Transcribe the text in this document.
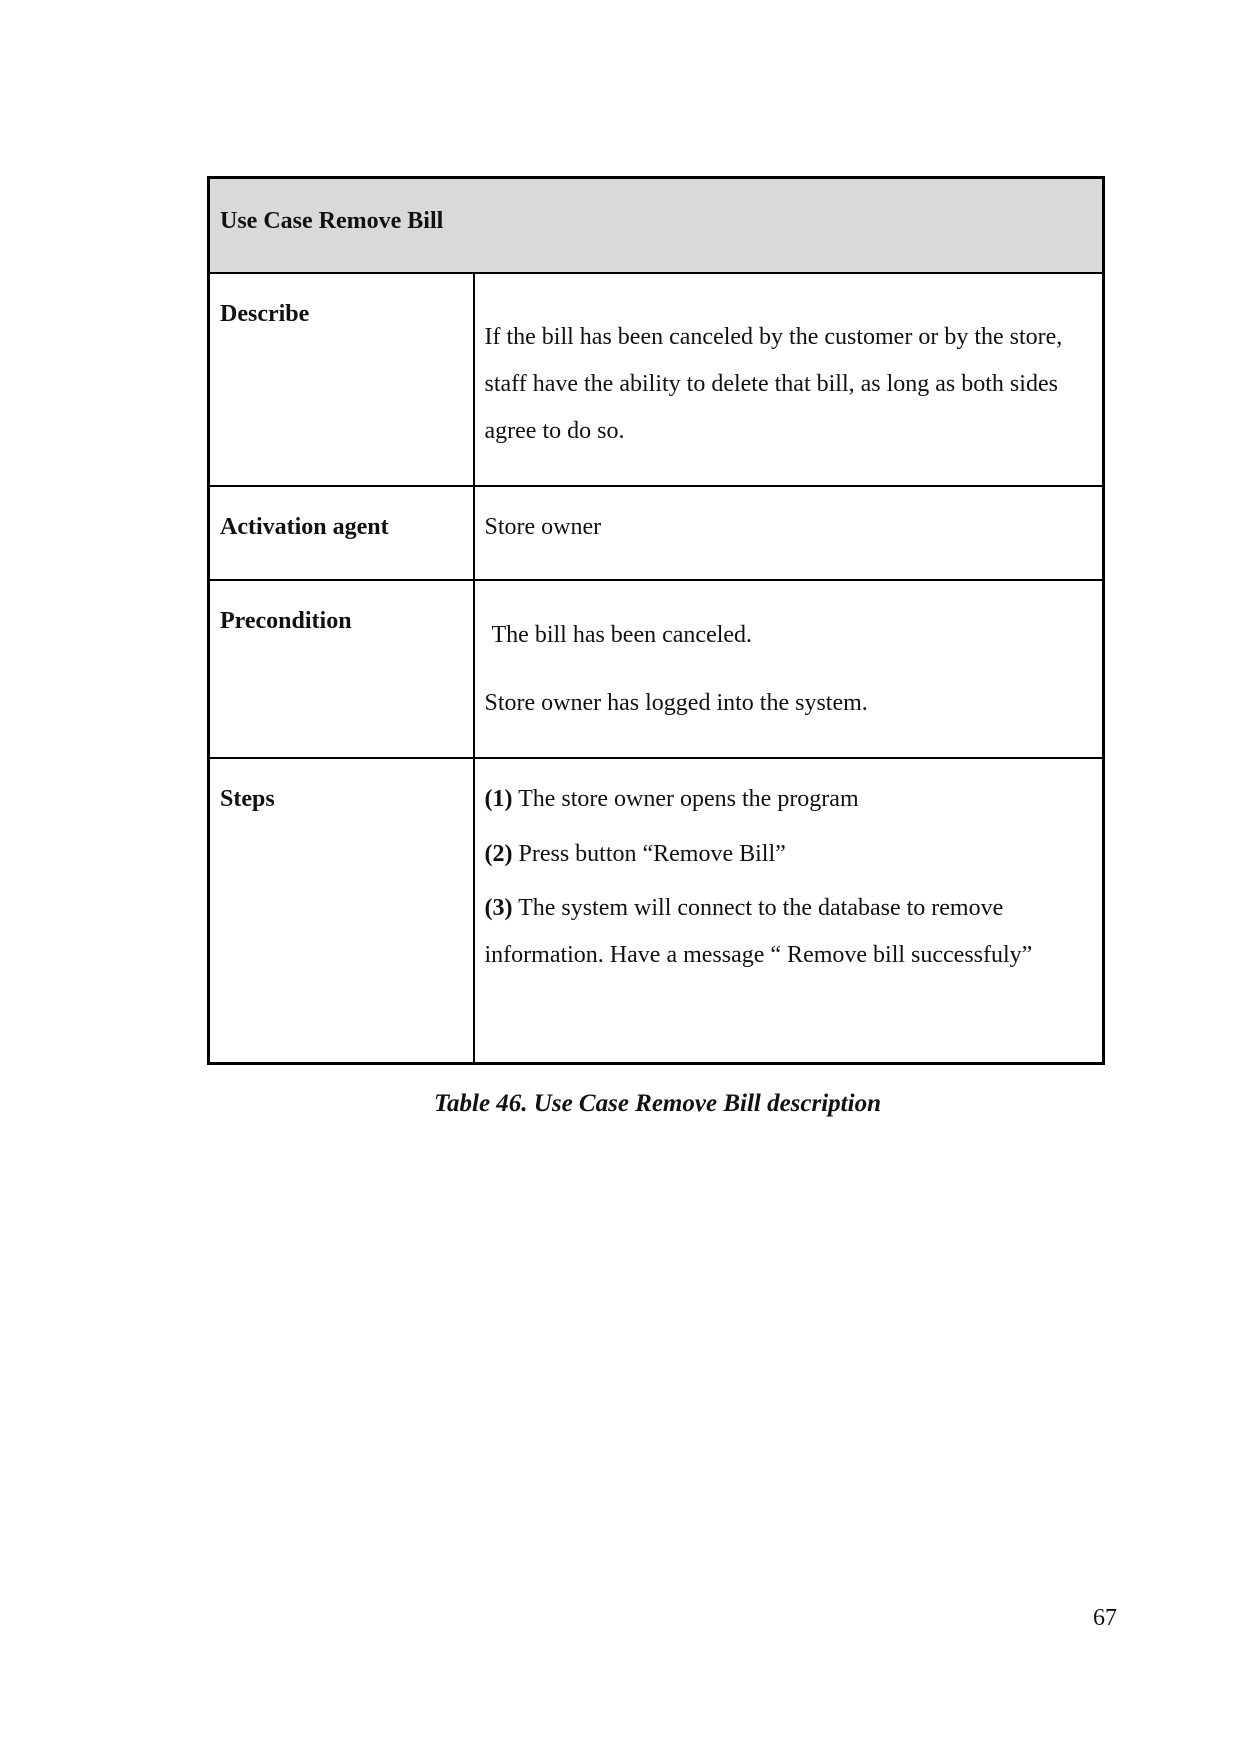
Use Case Remove Bill	
Describe	If the bill has been canceled by the customer or by the store, staff have the ability to delete that bill, as long as both sides agree to do so.

Activation agent	Store owner
Precondition	The bill has been canceled.

Store owner has logged into the system.

Steps	(1) The store owner opens the program

(2) Press button “Remove Bill”

(3) The system will connect to the database to remove information. Have a message “ Remove bill successfuly”

Table 46. Use Case Remove Bill description
67
